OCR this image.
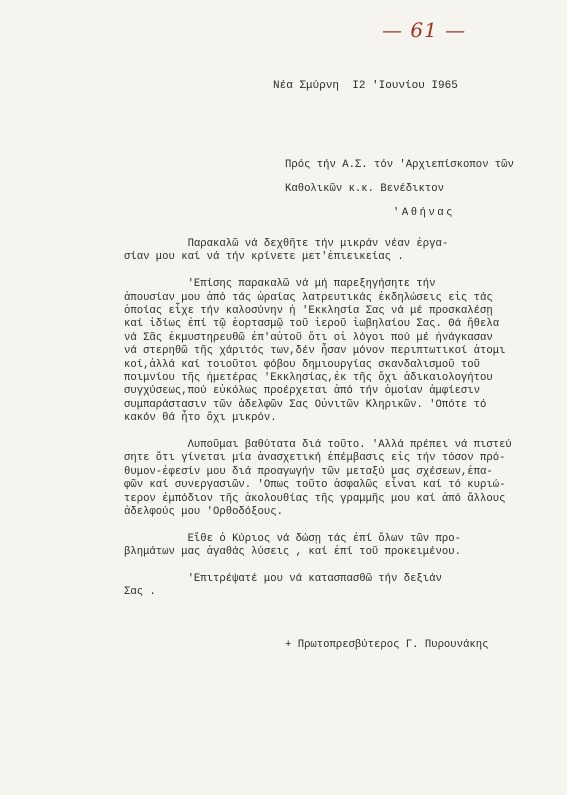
— 61 —
Νέα Σμύρνη  Ι2 'Ιουνίου Ι965
Πρός τήν Α.Σ. τόν 'Αρχιεπίσκοπον τῶν
Καθολικῶν κ.κ. Βενέδικτον
'Αθήνας
Παρακαλῶ νά δεχθῆτε τήν μικράν νέαν ἐργα-
σίαν μου καί νά τήν κρίνετε μετ'ἐπιεικείας .
'Επίσης παρακαλῶ νά μή παρεξηγήσητε τήν
ἀπουσίαν μου ἀπό τάς ὡραίας λατρευτικάς ἐκδηλώσεις εἰς τάς
ὁποίας εἶχε τήν καλοσύνην ἡ 'Εκκλησία Σας νά μέ προσκαλέσῃ
καί ἰδίως ἐπί τῷ ἑορτασμῷ τοῦ ἱεροῦ ἰωβηλαίου Σας. Θά ἤθελα
νά Σᾶς ἐκμυστηρευθῶ ἐπ'αὐτοῦ ὅτι οἱ λόγοι πού μέ ἠνάγκασαν
νά στερηθῶ τῆς χάριτός των,δέν ἦσαν μόνον περιπτωτικοί ἀτομι
κοί,ἀλλά καί τοιοῦτοι φόβου δημιουργίας σκανδαλισμοῦ τοῦ
ποιμνίου τῆς ἡμετέρας 'Εκκλησίας,ἐκ τῆς ὄχι ἀδικαιολογήτου
συγχύσεως,πού εὐκόλως προέρχεται ἀπό τήν ὁμοίαν ἀμφίεσιν
συμπαράστασιν τῶν ἀδελφῶν Σας Οὐνιτῶν Κληρικῶν. 'Οπότε τό
κακόν θά ἦτο ὄχι μικρόν.
Λυποῦμαι βαθύτατα διά τοῦτο. 'Αλλά πρέπει νά πιστεύ
σητε ὅτι γίνεται μία ἀνασχετική ἐπέμβασις εἰς τήν τόσον πρό-
θυμον-ἐφεσίν μου διά προαγωγήν τῶν μεταξύ μας σχέσεων,ἐπα-
φῶν καί συνεργασιῶν. 'Οπως τοῦτο ἀσφαλῶς εἶναι καί τό κυριώ-
τερον ἐμπόδιον τῆς ἀκολουθίας τῆς γραμμῆς μου καί ἀπό ἄλλους
ἀδελφούς μου 'Ορθοδόξους.
Εἴθε ὁ Κύριος νά δώσῃ τάς ἐπί ὅλων τῶν προ-
βλημάτων μας ἀγαθάς λύσεις , καί ἐπί τοῦ προκειμένου.
'Επιτρέψατέ μου νά κατασπασθῶ τήν δεξιάν
Σας .
+ Πρωτοπρεσβύτερος Γ. Πυρουνάκης
